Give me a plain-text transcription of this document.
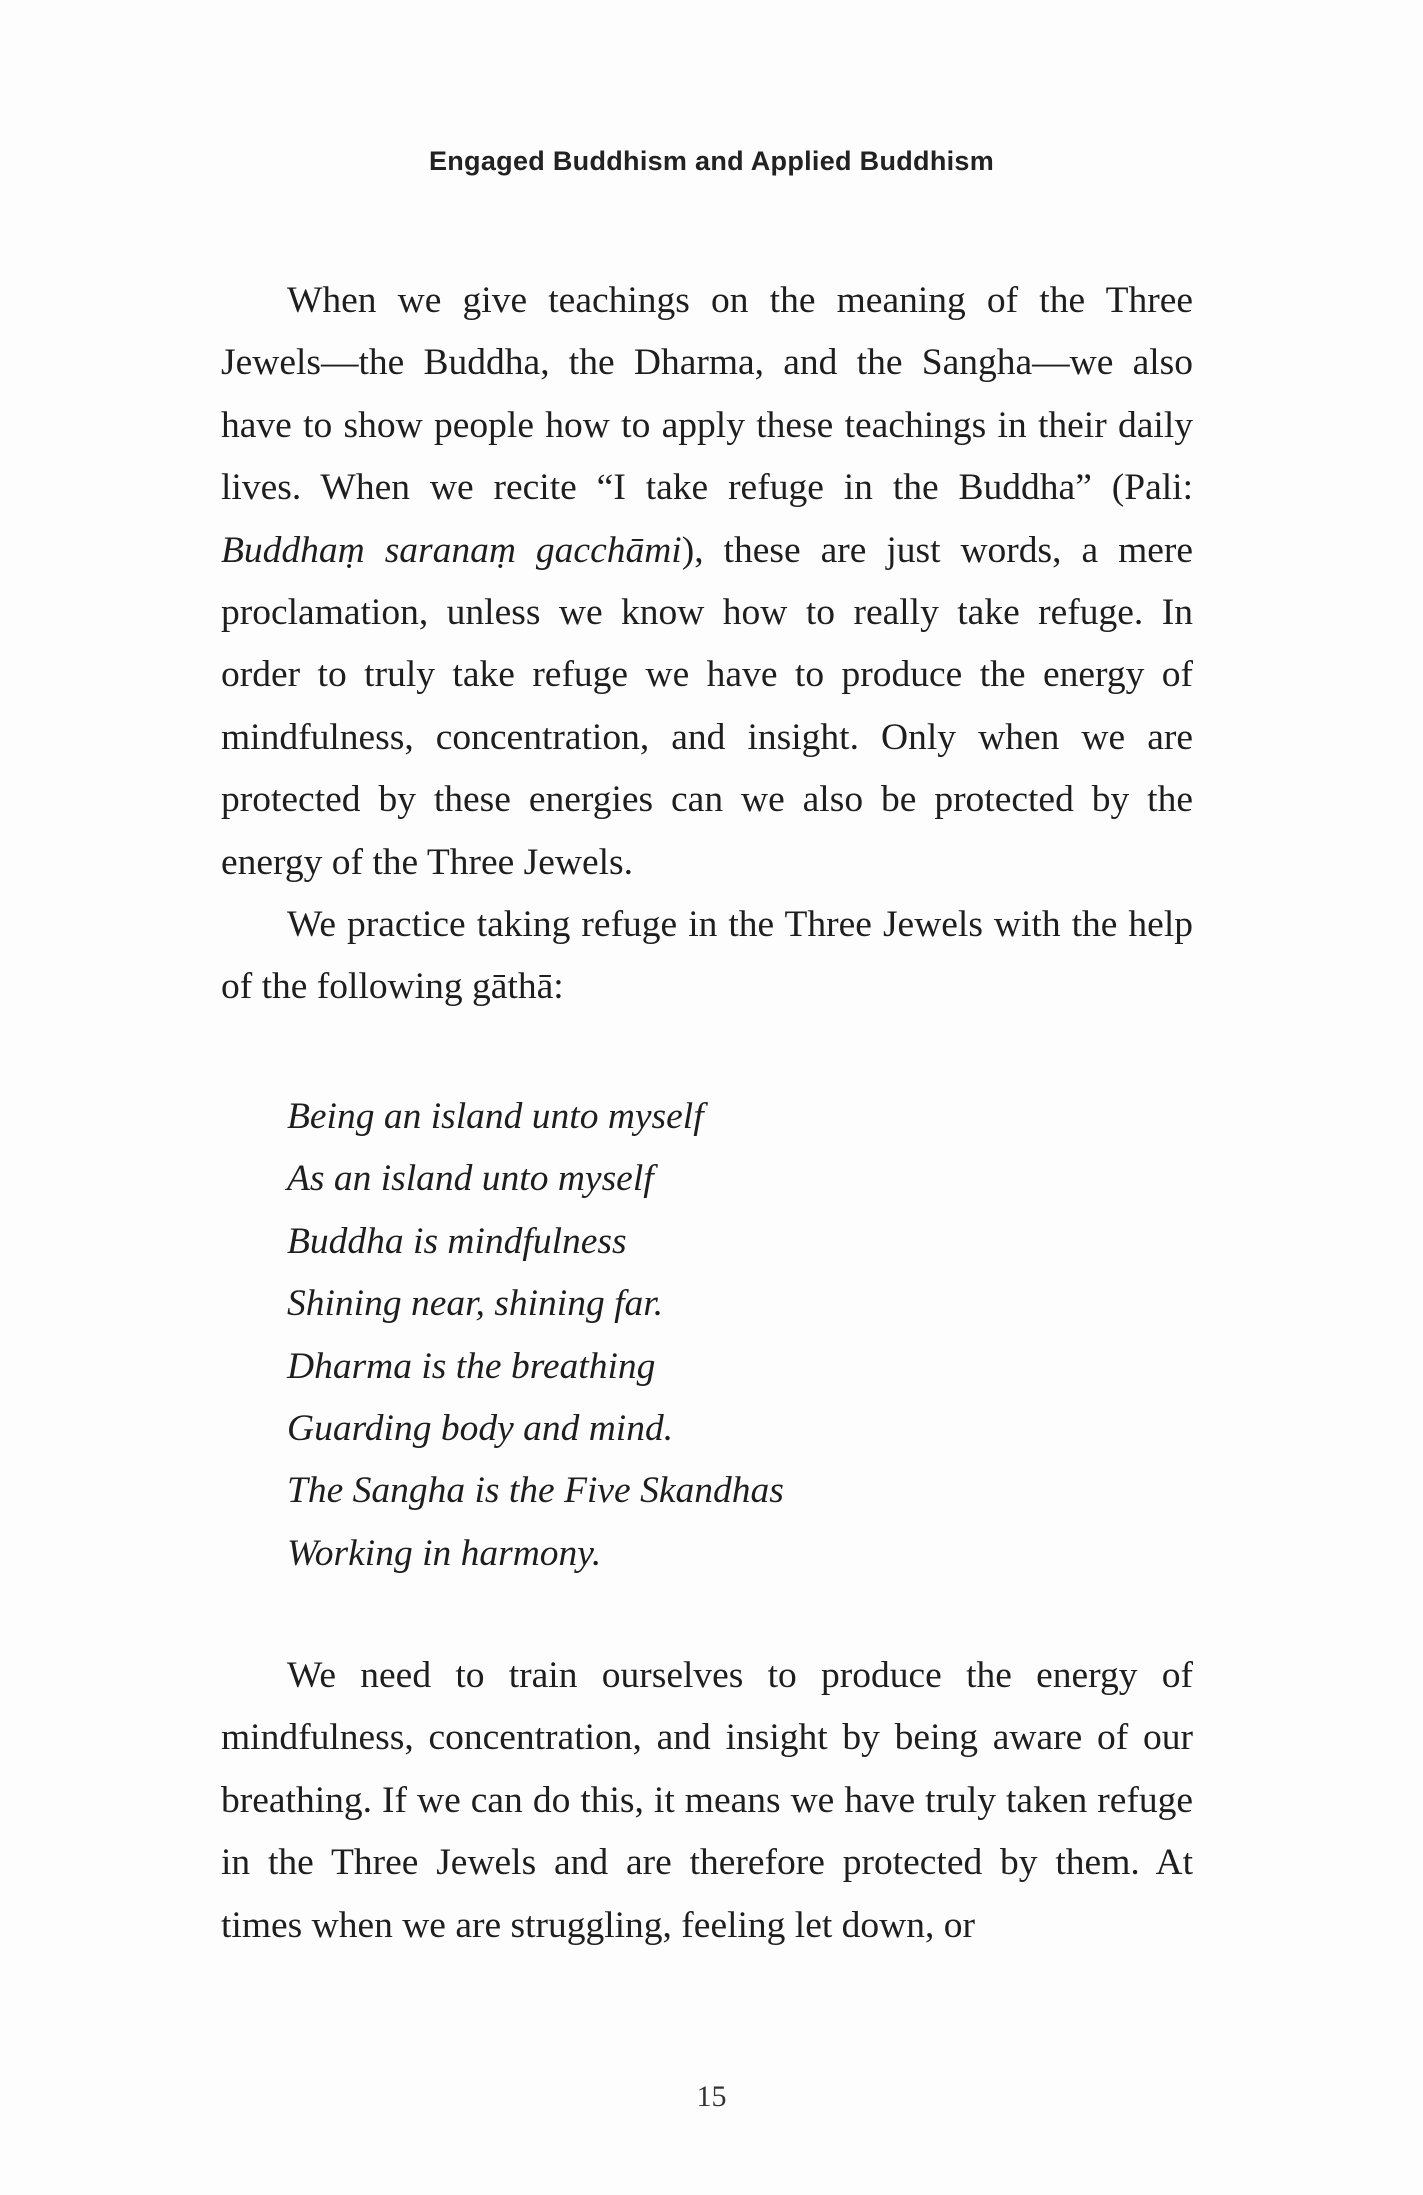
Engaged Buddhism and Applied Buddhism

When we give teachings on the meaning of the Three Jewels—the Buddha, the Dharma, and the Sangha—we also have to show people how to apply these teachings in their daily lives. When we recite “I take refuge in the Buddha” (Pali: Buddhaṃ saranaṃ gacchāmi), these are just words, a mere proclamation, unless we know how to really take refuge. In order to truly take refuge we have to produce the energy of mindfulness, concentration, and insight. Only when we are protected by these energies can we also be protected by the energy of the Three Jewels.

We practice taking refuge in the Three Jewels with the help of the following gāthā:

Being an island unto myself
As an island unto myself
Buddha is mindfulness
Shining near, shining far.
Dharma is the breathing
Guarding body and mind.
The Sangha is the Five Skandhas
Working in harmony.

We need to train ourselves to produce the energy of mindfulness, concentration, and insight by being aware of our breathing. If we can do this, it means we have truly taken refuge in the Three Jewels and are therefore protected by them. At times when we are struggling, feeling let down, or

15
